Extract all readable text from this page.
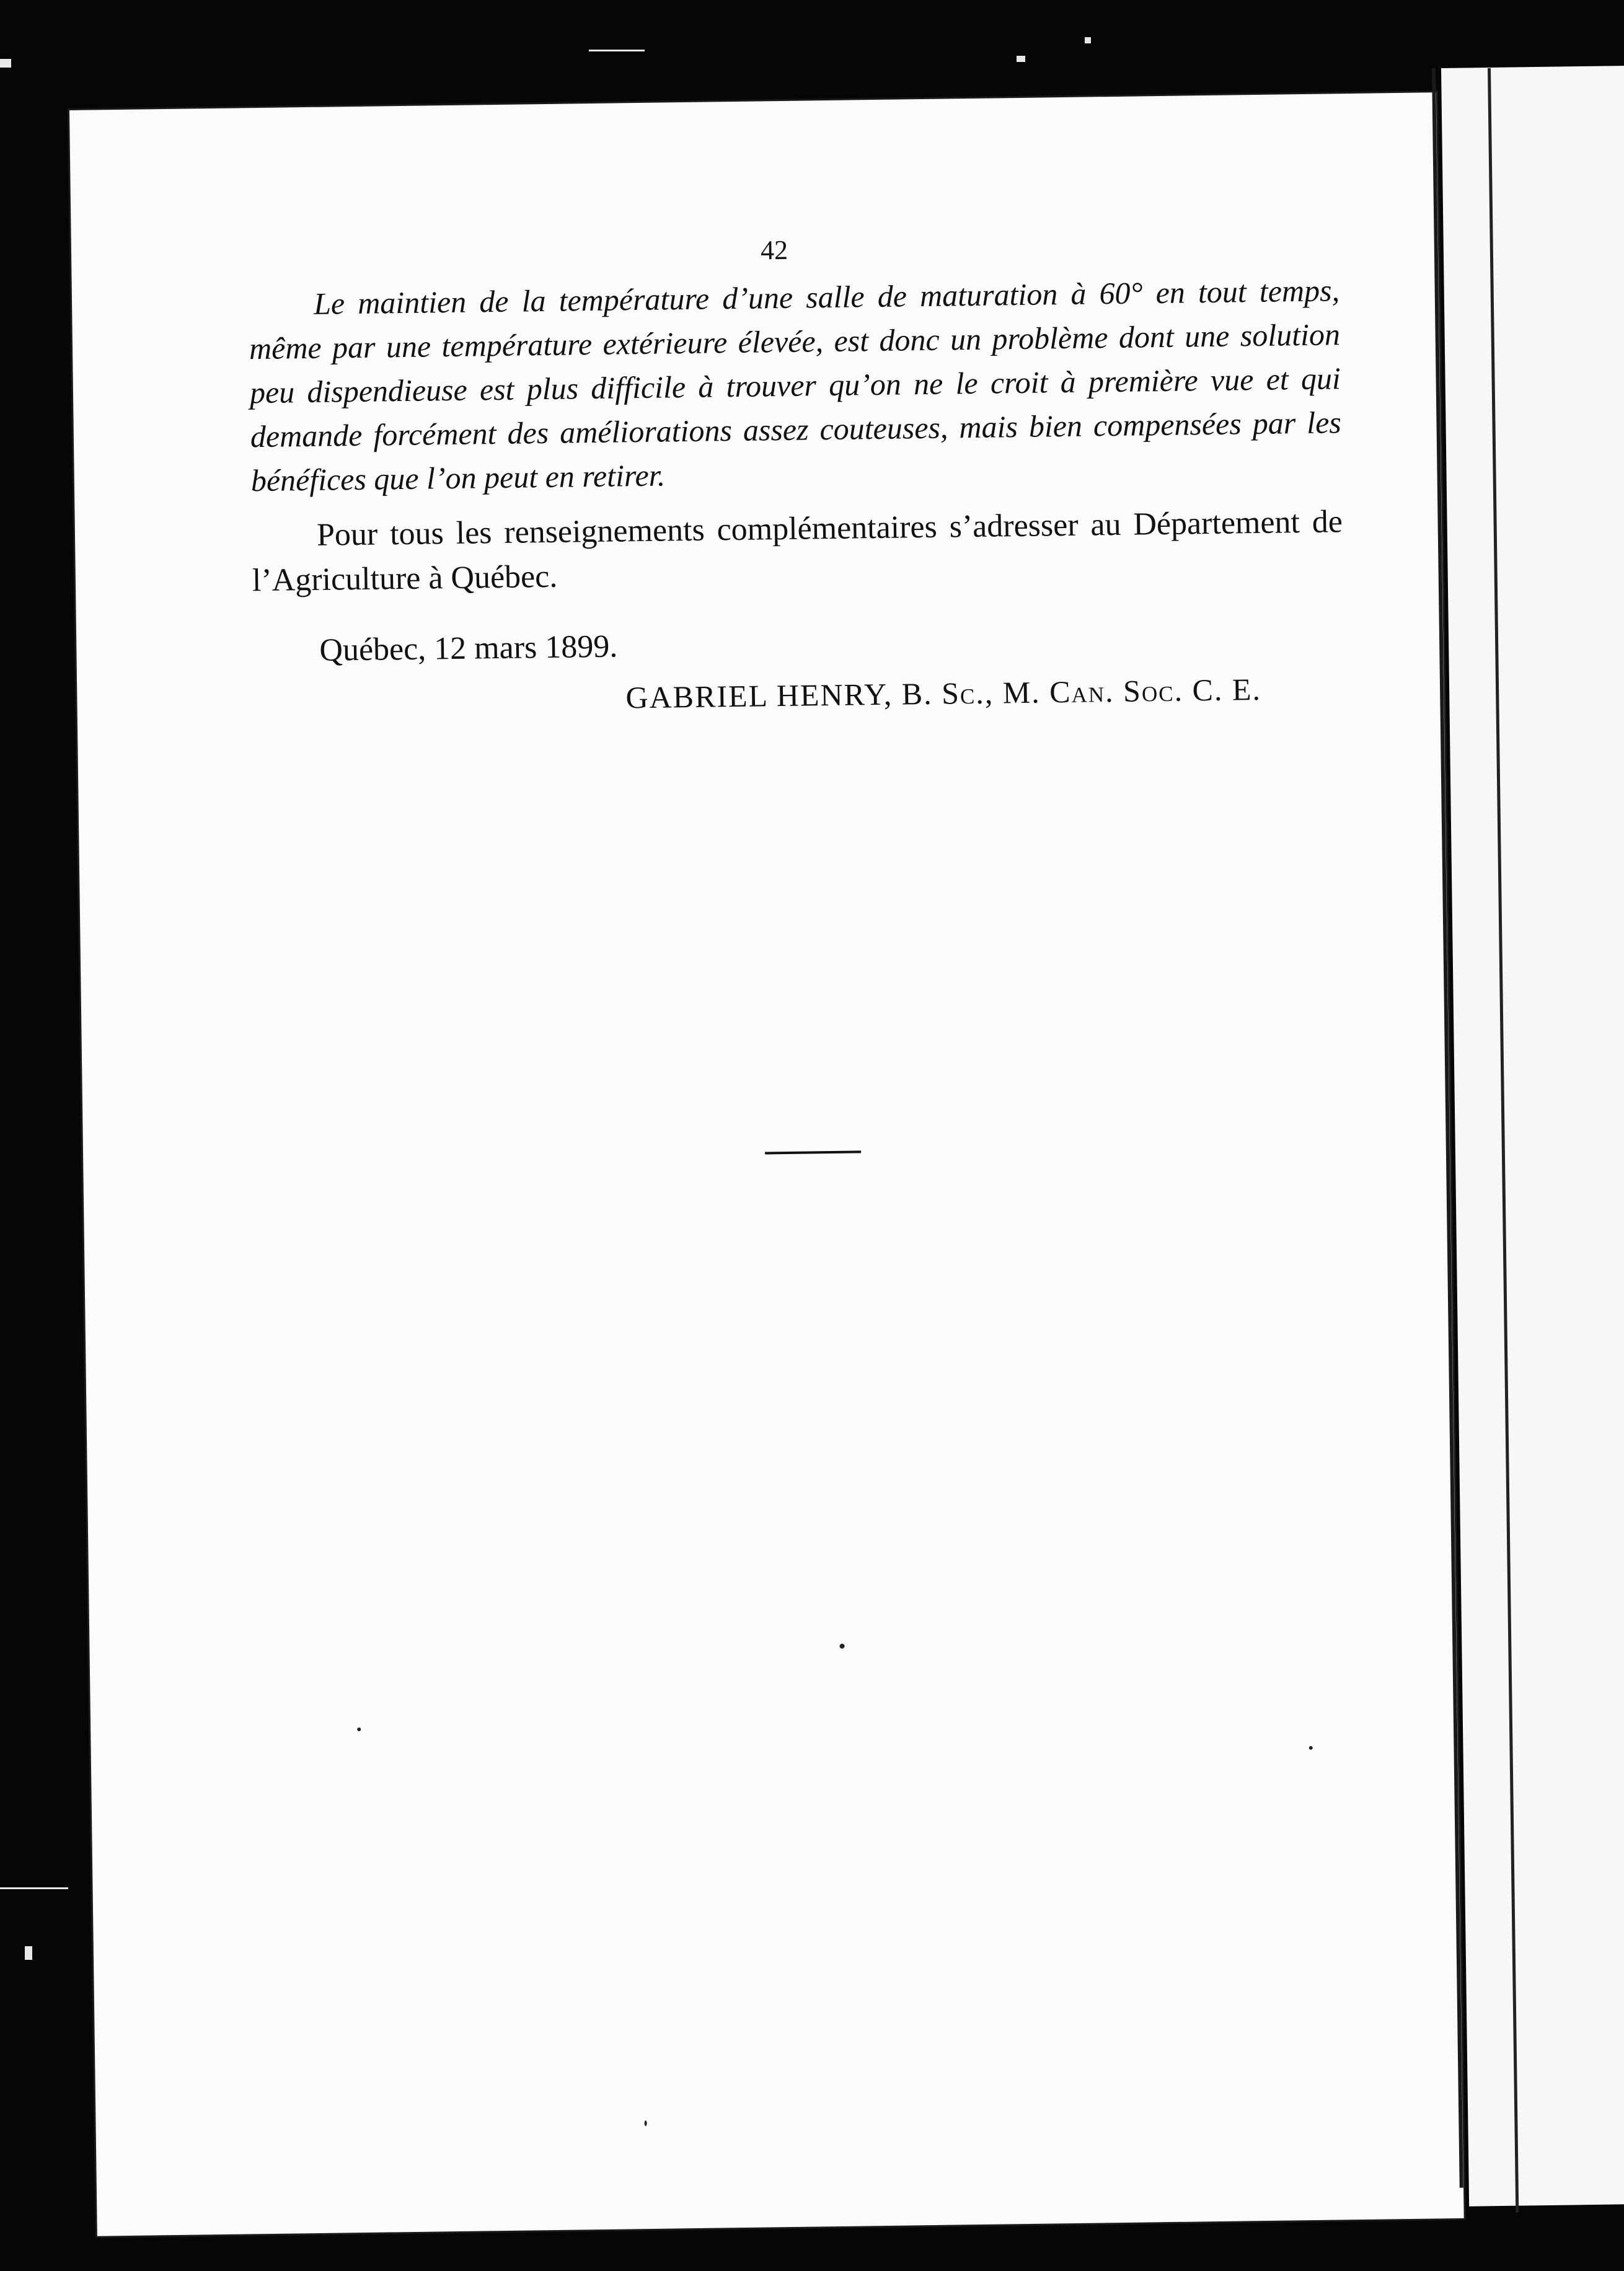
42

Le maintien de la température d’une salle de maturation à 60° en tout temps, même par une température extérieure élevée, est donc un problème dont une solution peu dispendieuse est plus difficile à trouver qu’on ne le croit à première vue et qui demande forcément des améliorations assez couteuses, mais bien compensées par les bénéfices que l’on peut en retirer.

Pour tous les renseignements complémentaires s’adresser au Département de l’Agriculture à Québec.

Québec, 12 mars 1899.
GABRIEL HENRY, B. Sc., M. Can. Soc. C. E.
